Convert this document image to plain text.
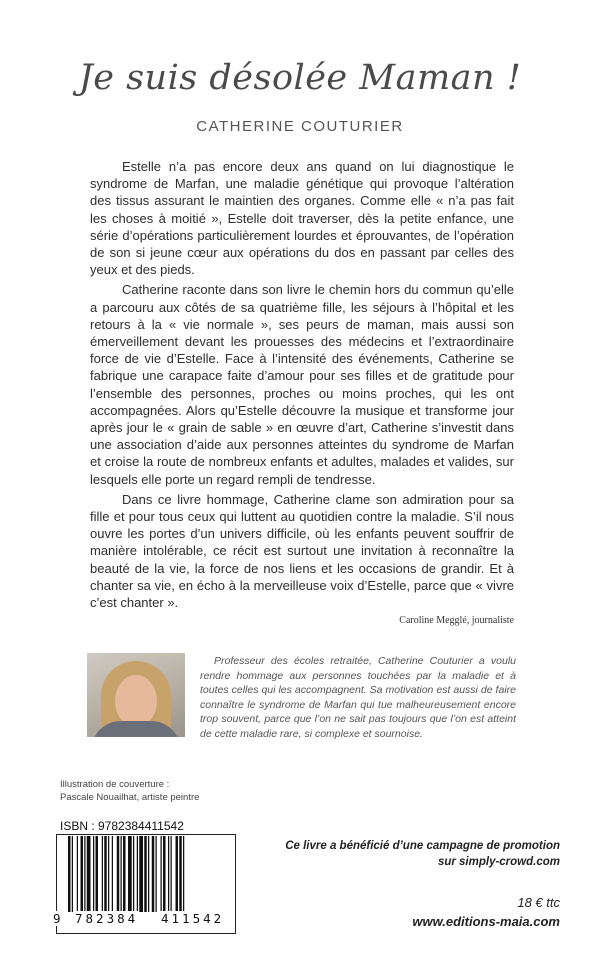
Je suis désolée Maman !
CATHERINE COUTURIER

Estelle n’a pas encore deux ans quand on lui diagnostique le syndrome de Marfan, une maladie génétique qui provoque l’altération des tissus assurant le maintien des organes. Comme elle « n’a pas fait les choses à moitié », Estelle doit traverser, dès la petite enfance, une série d’opérations particulièrement lourdes et éprouvantes, de l’opération de son si jeune cœur aux opérations du dos en passant par celles des yeux et des pieds.

Catherine raconte dans son livre le chemin hors du commun qu’elle a parcouru aux côtés de sa quatrième fille, les séjours à l’hôpital et les retours à la « vie normale », ses peurs de maman, mais aussi son émerveillement devant les prouesses des médecins et l’extraordinaire force de vie d’Estelle. Face à l’intensité des événements, Catherine se fabrique une carapace faite d’amour pour ses filles et de gratitude pour l’ensemble des personnes, proches ou moins proches, qui les ont accompagnées. Alors qu’Estelle découvre la musique et transforme jour après jour le « grain de sable » en œuvre d’art, Catherine s’investit dans une association d’aide aux personnes atteintes du syndrome de Marfan et croise la route de nombreux enfants et adultes, malades et valides, sur lesquels elle porte un regard rempli de tendresse.

Dans ce livre hommage, Catherine clame son admiration pour sa fille et pour tous ceux qui luttent au quotidien contre la maladie. S’il nous ouvre les portes d’un univers difficile, où les enfants peuvent souffrir de manière intolérable, ce récit est surtout une invitation à reconnaître la beauté de la vie, la force de nos liens et les occasions de grandir. Et à chanter sa vie, en écho à la merveilleuse voix d’Estelle, parce que « vivre c’est chanter ».

Caroline Megglé, journaliste
Professeur des écoles retraitée, Catherine Couturier a voulu rendre hommage aux personnes touchées par la maladie et à toutes celles qui les accompagnent. Sa motivation est aussi de faire connaître le syndrome de Marfan qui tue malheureusement encore trop souvent, parce que l’on ne sait pas toujours que l’on est atteint de cette maladie rare, si complexe et sournoise.
Illustration de couverture :
Pascale Nouailhat, artiste peintre
ISBN : 9782384411542
9 782384 411542
Ce livre a bénéficié d’une campagne de promotion
sur simply-crowd.com
18 € ttc
www.editions-maia.com
